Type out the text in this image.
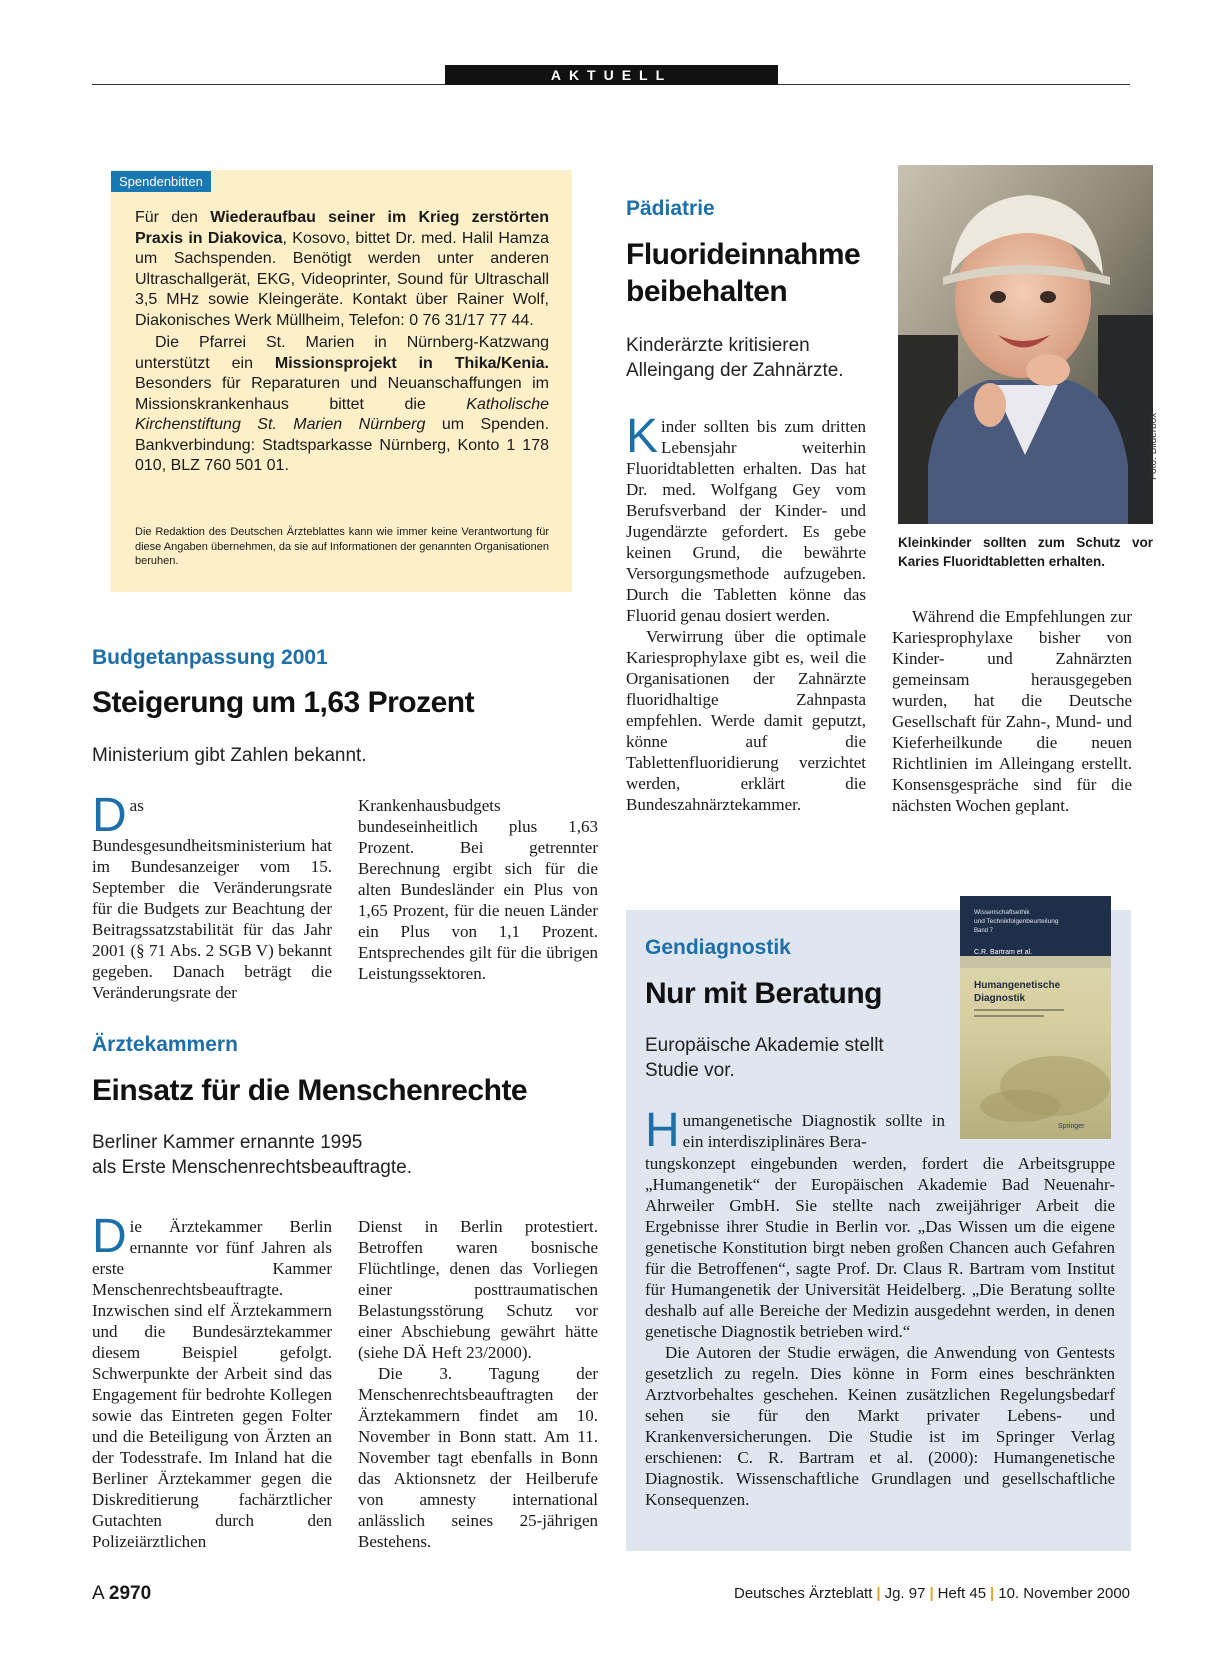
AKTUELL
Spendenbitten

Für den Wiederaufbau seiner im Krieg zerstörten Praxis in Diakovica, Kosovo, bittet Dr. med. Halil Hamza um Sachspenden. Benötigt werden unter anderen Ultraschallgerät, EKG, Videoprinter, Sound für Ultraschall 3,5 MHz sowie Kleingeräte. Kontakt über Rainer Wolf, Diakonisches Werk Müllheim, Telefon: 0 76 31/17 77 44.

Die Pfarrei St. Marien in Nürnberg-Katzwang unterstützt ein Missionsprojekt in Thika/Kenia. Besonders für Reparaturen und Neuanschaffungen im Missionskrankenhaus bittet die Katholische Kirchenstiftung St. Marien Nürnberg um Spenden. Bankverbindung: Stadtsparkasse Nürnberg, Konto 1 178 010, BLZ 760 501 01.

Die Redaktion des Deutschen Ärzteblattes kann wie immer keine Verantwortung für diese Angaben übernehmen, da sie auf Informationen der genannten Organisationen beruhen.
Budgetanpassung 2001
Steigerung um 1,63 Prozent
Ministerium gibt Zahlen bekannt.
Das Bundesgesundheitsministerium hat im Bundesanzeiger vom 15. September die Veränderungsrate für die Budgets zur Beachtung der Beitragssatzstabilität für das Jahr 2001 (§ 71 Abs. 2 SGB V) bekannt gegeben. Danach beträgt die Veränderungsrate der
Krankenhausbudgets bundeseinheitlich plus 1,63 Prozent. Bei getrennter Berechnung ergibt sich für die alten Bundesländer ein Plus von 1,65 Prozent, für die neuen Länder ein Plus von 1,1 Prozent. Entsprechendes gilt für die übrigen Leistungssektoren.
Ärztekammern
Einsatz für die Menschenrechte
Berliner Kammer ernannte 1995
als Erste Menschenrechtsbeauftragte.
Die Ärztekammer Berlin ernannte vor fünf Jahren als erste Kammer Menschenrechtsbeauftragte. Inzwischen sind elf Ärztekammern und die Bundesärztekammer diesem Beispiel gefolgt. Schwerpunkte der Arbeit sind das Engagement für bedrohte Kollegen sowie das Eintreten gegen Folter und die Beteiligung von Ärzten an der Todesstrafe. Im Inland hat die Berliner Ärztekammer gegen die Diskreditierung fachärztlicher Gutachten durch den Polizeiärztlichen

Dienst in Berlin protestiert. Betroffen waren bosnische Flüchtlinge, denen das Vorliegen einer posttraumatischen Belastungsstörung Schutz vor einer Abschiebung gewährt hätte (siehe DÄ Heft 23/2000).

Die 3. Tagung der Menschenrechtsbeauftragten der Ärztekammern findet am 10. November in Bonn statt. Am 11. November tagt ebenfalls in Bonn das Aktionsnetz der Heilberufe von amnesty international anlässlich seines 25-jährigen Bestehens.

Pädiatrie
Fluorideinnahme
beibehalten
Kinderärzte kritisieren
Alleingang der Zahnärzte.

Kinder sollten bis zum dritten Lebensjahr weiterhin Fluoridtabletten erhalten. Das hat Dr. med. Wolfgang Gey vom Berufsverband der Kinder- und Jugendärzte gefordert. Es gebe keinen Grund, die bewährte Versorgungsmethode aufzugeben. Durch die Tabletten könne das Fluorid genau dosiert werden.

Verwirrung über die optimale Kariesprophylaxe gibt es, weil die Organisationen der Zahnärzte fluoridhaltige Zahnpasta empfehlen. Werde damit geputzt, könne auf die Tablettenfluoridierung verzichtet werden, erklärt die Bundeszahnärztekammer.

Während die Empfehlungen zur Kariesprophylaxe bisher von Kinder- und Zahnärzten gemeinsam herausgegeben wurden, hat die Deutsche Gesellschaft für Zahn-, Mund- und Kieferheilkunde die neuen Richtlinien im Alleingang erstellt. Konsensgespräche sind für die nächsten Wochen geplant.
Foto: Bilderbox
Kleinkinder sollten zum Schutz vor Karies Fluoridtabletten erhalten.
Wissenschaftsethik
und Technikfolgenbeurteilung
Band 7
C.R. Bartram et al.
Humangenetische
Diagnostik
Springer
Gendiagnostik
Nur mit Beratung
Europäische Akademie stellt
Studie vor.
Humangenetische Diagnostik sollte in ein interdisziplinäres Bera-

tungskonzept eingebunden werden, fordert die Arbeitsgruppe „Humangenetik“ der Europäischen Akademie Bad Neuenahr-Ahrweiler GmbH. Sie stellte nach zweijähriger Arbeit die Ergebnisse ihrer Studie in Berlin vor. „Das Wissen um die eigene genetische Konstitution birgt neben großen Chancen auch Gefahren für die Betroffenen“, sagte Prof. Dr. Claus R. Bartram vom Institut für Humangenetik der Universität Heidelberg. „Die Beratung sollte deshalb auf alle Bereiche der Medizin ausgedehnt werden, in denen genetische Diagnostik betrieben wird.“

Die Autoren der Studie erwägen, die Anwendung von Gentests gesetzlich zu regeln. Dies könne in Form eines beschränkten Arztvorbehaltes geschehen. Keinen zusätzlichen Regelungsbedarf sehen sie für den Markt privater Lebens- und Krankenversicherungen. Die Studie ist im Springer Verlag erschienen: C. R. Bartram et al. (2000): Humangenetische Diagnostik. Wissenschaftliche Grundlagen und gesellschaftliche Konsequenzen.

A 2970	Deutsches Ärzteblatt | Jg. 97 | Heft 45 | 10. November 2000
